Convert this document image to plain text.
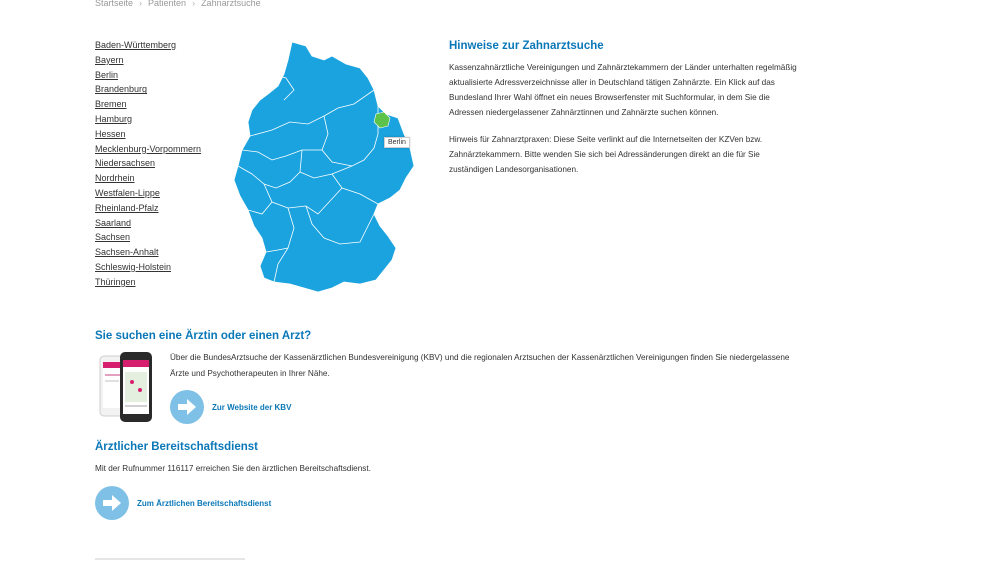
Startseite › Patienten › Zahnarztsuche
Baden-Württemberg
Bayern
Berlin
Brandenburg
Bremen
Hamburg
Hessen
Mecklenburg-Vorpommern
Niedersachsen
Nordrhein
Westfalen-Lippe
Rheinland-Pfalz
Saarland
Sachsen
Sachsen-Anhalt
Schleswig-Holstein
Thüringen
Berlin
Hinweise zur Zahnarztsuche

Kassenzahnärztliche Vereinigungen und Zahnärztekammern der Länder unterhalten regelmäßig aktualisierte Adressverzeichnisse aller in Deutschland tätigen Zahnärzte. Ein Klick auf das Bundesland Ihrer Wahl öffnet ein neues Browserfenster mit Suchformular, in dem Sie die Adressen niedergelassener Zahnärztinnen und Zahnärzte suchen können.

Hinweis für Zahnarztpraxen: Diese Seite verlinkt auf die Internetseiten der KZVen bzw. Zahnärztekammern. Bitte wenden Sie sich bei Adressänderungen direkt an die für Sie zuständigen Landesorganisationen.

Sie suchen eine Ärztin oder einen Arzt?
Über die BundesArztsuche der Kassenärztlichen Bundesvereinigung (KBV) und die regionalen Arztsuchen der Kassenärztlichen Vereinigungen finden Sie niedergelassene Ärzte und Psychotherapeuten in Ihrer Nähe.
Zur Website der KBV
Ärztlicher Bereitschaftsdienst
Mit der Rufnummer 116117 erreichen Sie den ärztlichen Bereitschaftsdienst.
Zum Ärztlichen Bereitschaftsdienst
